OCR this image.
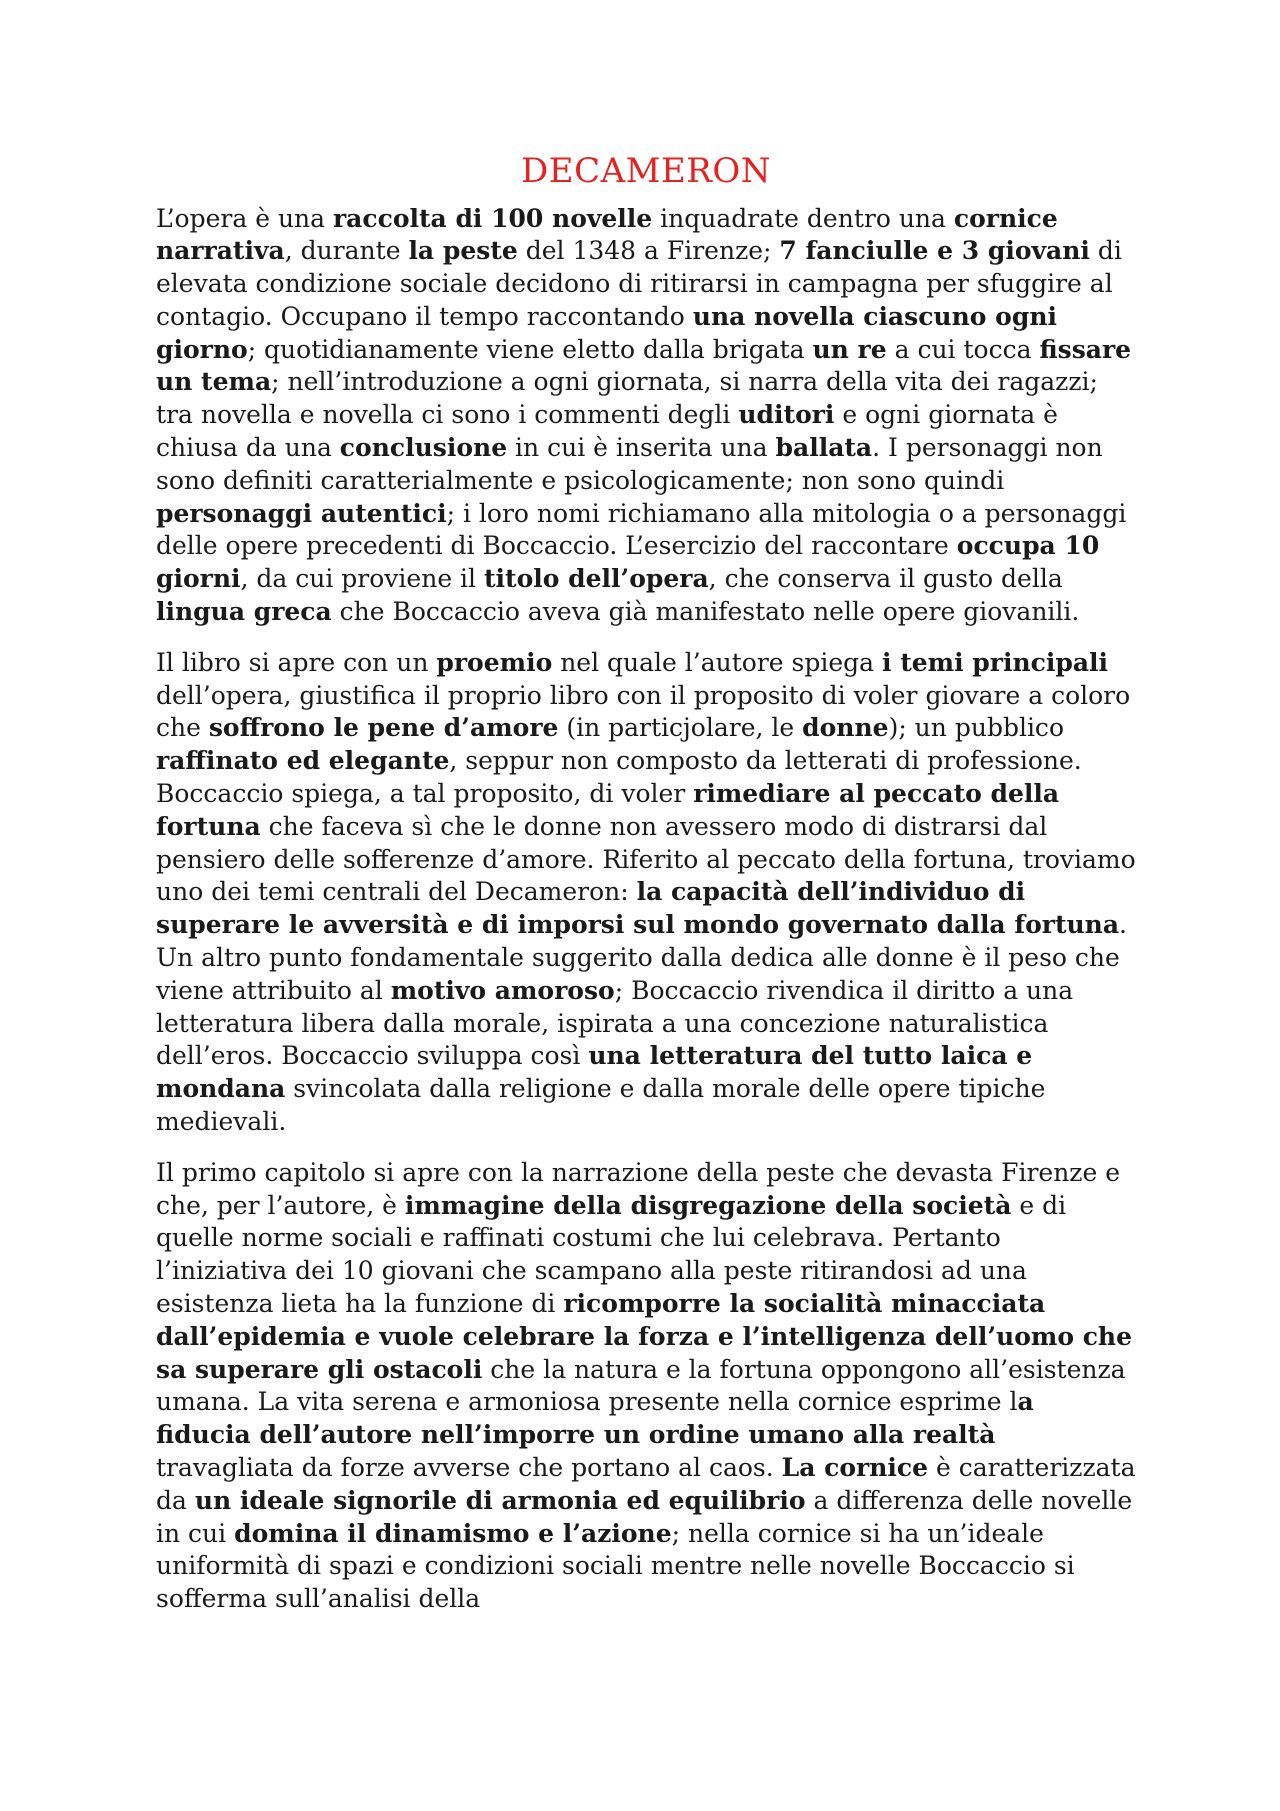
DECAMERON

L’opera è una raccolta di 100 novelle inquadrate dentro una cornice narrativa, durante la peste del 1348 a Firenze; 7 fanciulle e 3 giovani di elevata condizione sociale decidono di ritirarsi in campagna per sfuggire al contagio. Occupano il tempo raccontando una novella ciascuno ogni giorno; quotidianamente viene eletto dalla brigata un re a cui tocca fissare un tema; nell’introduzione a ogni giornata, si narra della vita dei ragazzi; tra novella e novella ci sono i commenti degli uditori e ogni giornata è chiusa da una conclusione in cui è inserita una ballata. I personaggi non sono definiti caratterialmente e psicologicamente; non sono quindi personaggi autentici; i loro nomi richiamano alla mitologia o a personaggi delle opere precedenti di Boccaccio. L’esercizio del raccontare occupa 10 giorni, da cui proviene il titolo dell’opera, che conserva il gusto della lingua greca che Boccaccio aveva già manifestato nelle opere giovanili.

Il libro si apre con un proemio nel quale l’autore spiega i temi principali dell’opera, giustifica il proprio libro con il proposito di voler giovare a coloro che soffrono le pene d’amore (in particjolare, le donne); un pubblico raffinato ed elegante, seppur non composto da letterati di professione. Boccaccio spiega, a tal proposito, di voler rimediare al peccato della fortuna che faceva sì che le donne non avessero modo di distrarsi dal pensiero delle sofferenze d’amore. Riferito al peccato della fortuna, troviamo uno dei temi centrali del Decameron: la capacità dell’individuo di superare le avversità e di imporsi sul mondo governato dalla fortuna. Un altro punto fondamentale suggerito dalla dedica alle donne è il peso che viene attribuito al motivo amoroso; Boccaccio rivendica il diritto a una letteratura libera dalla morale, ispirata a una concezione naturalistica dell’eros. Boccaccio sviluppa così una letteratura del tutto laica e mondana svincolata dalla religione e dalla morale delle opere tipiche medievali.

Il primo capitolo si apre con la narrazione della peste che devasta Firenze e che, per l’autore, è immagine della disgregazione della società e di quelle norme sociali e raffinati costumi che lui celebrava. Pertanto l’iniziativa dei 10 giovani che scampano alla peste ritirandosi ad una esistenza lieta ha la funzione di ricomporre la socialità minacciata dall’epidemia e vuole celebrare la forza e l’intelligenza dell’uomo che sa superare gli ostacoli che la natura e la fortuna oppongono all’esistenza umana. La vita serena e armoniosa presente nella cornice esprime la fiducia dell’autore nell’imporre un ordine umano alla realtà travagliata da forze avverse che portano al caos. La cornice è caratterizzata da un ideale signorile di armonia ed equilibrio a differenza delle novelle in cui domina il dinamismo e l’azione; nella cornice si ha un’ideale uniformità di spazi e condizioni sociali mentre nelle novelle Boccaccio si sofferma sull’analisi della
